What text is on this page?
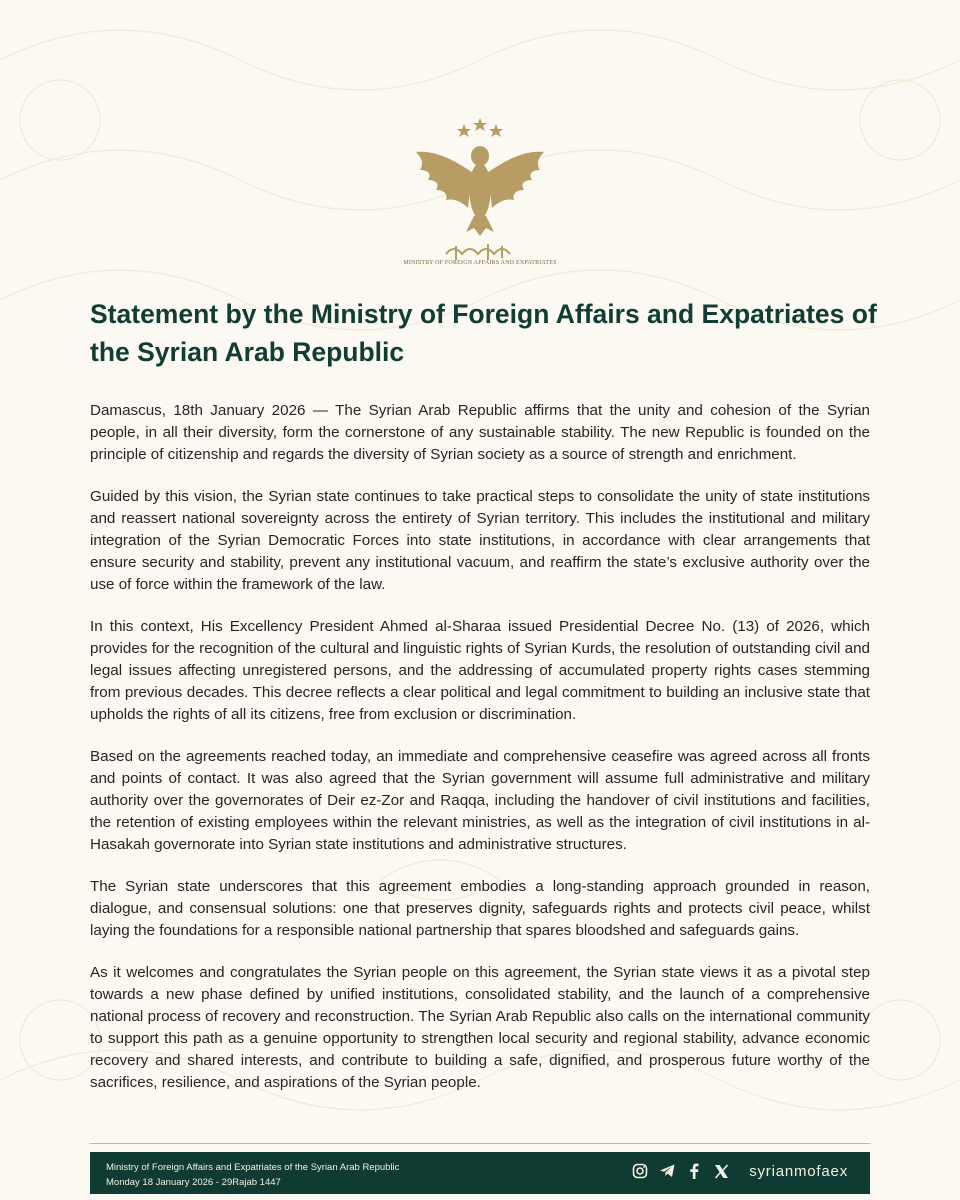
MINISTRY OF FOREIGN AFFAIRS AND EXPATRIATES
Statement by the Ministry of Foreign Affairs and Expatriates of the Syrian Arab Republic

Damascus, 18th January 2026 — The Syrian Arab Republic affirms that the unity and cohesion of the Syrian people, in all their diversity, form the cornerstone of any sustainable stability. The new Republic is founded on the principle of citizenship and regards the diversity of Syrian society as a source of strength and enrichment.

Guided by this vision, the Syrian state continues to take practical steps to consolidate the unity of state institutions and reassert national sovereignty across the entirety of Syrian territory. This includes the institutional and military integration of the Syrian Democratic Forces into state institutions, in accordance with clear arrangements that ensure security and stability, prevent any institutional vacuum, and reaffirm the state’s exclusive authority over the use of force within the framework of the law.

In this context, His Excellency President Ahmed al-Sharaa issued Presidential Decree No. (13) of 2026, which provides for the recognition of the cultural and linguistic rights of Syrian Kurds, the resolution of outstanding civil and legal issues affecting unregistered persons, and the addressing of accumulated property rights cases stemming from previous decades. This decree reflects a clear political and legal commitment to building an inclusive state that upholds the rights of all its citizens, free from exclusion or discrimination.

Based on the agreements reached today, an immediate and comprehensive ceasefire was agreed across all fronts and points of contact. It was also agreed that the Syrian government will assume full administrative and military authority over the governorates of Deir ez-Zor and Raqqa, including the handover of civil institutions and facilities, the retention of existing employees within the relevant ministries, as well as the integration of civil institutions in al-Hasakah governorate into Syrian state institutions and administrative structures.

The Syrian state underscores that this agreement embodies a long-standing approach grounded in reason, dialogue, and consensual solutions: one that preserves dignity, safeguards rights and protects civil peace, whilst laying the foundations for a responsible national partnership that spares bloodshed and safeguards gains.

As it welcomes and congratulates the Syrian people on this agreement, the Syrian state views it as a pivotal step towards a new phase defined by unified institutions, consolidated stability, and the launch of a comprehensive national process of recovery and reconstruction. The Syrian Arab Republic also calls on the international community to support this path as a genuine opportunity to strengthen local security and regional stability, advance economic recovery and shared interests, and contribute to building a safe, dignified, and prosperous future worthy of the sacrifices, resilience, and aspirations of the Syrian people.

Ministry of Foreign Affairs and Expatriates of the Syrian Arab Republic
Monday 18 January 2026 - 29Rajab 1447
syrianmofaex
